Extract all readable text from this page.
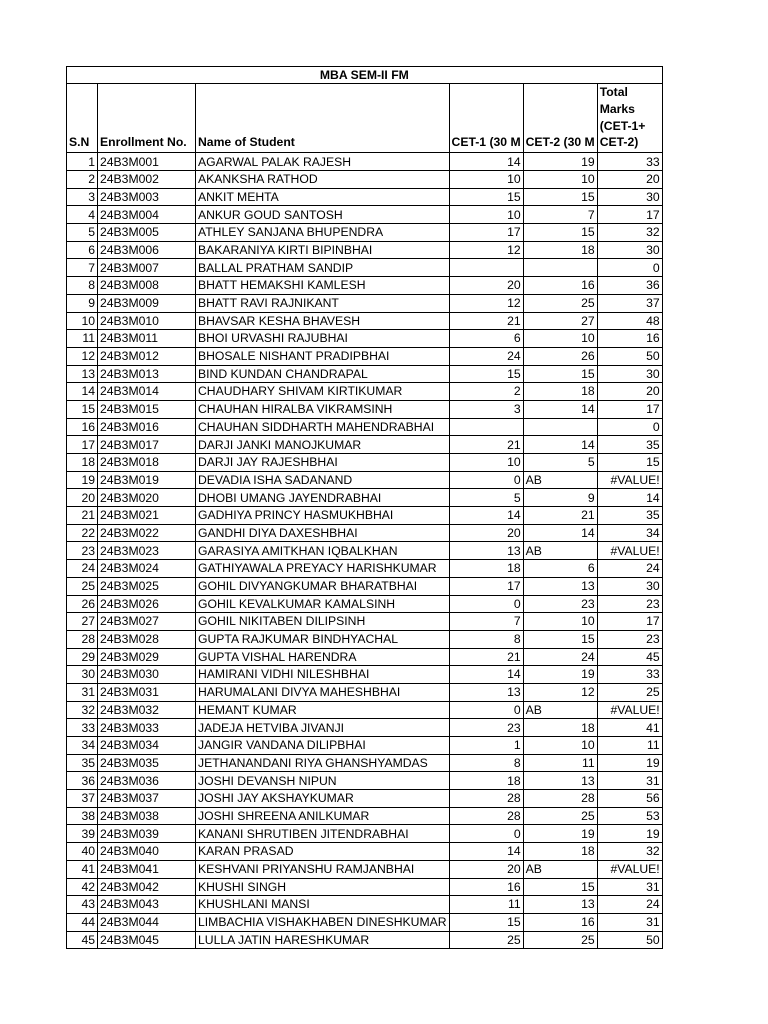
MBA SEM-II FM					
S.N	Enrollment No.	Name of Student	CET-1 (30 M	CET-2 (30 M	Total Marks (CET-1+ CET-2)
1	24B3M001	AGARWAL PALAK RAJESH	14	19	33
2	24B3M002	AKANKSHA RATHOD	10	10	20
3	24B3M003	ANKIT MEHTA	15	15	30
4	24B3M004	ANKUR GOUD SANTOSH	10	7	17
5	24B3M005	ATHLEY SANJANA BHUPENDRA	17	15	32
6	24B3M006	BAKARANIYA KIRTI BIPINBHAI	12	18	30
7	24B3M007	BALLAL PRATHAM SANDIP			0
8	24B3M008	BHATT HEMAKSHI KAMLESH	20	16	36
9	24B3M009	BHATT RAVI RAJNIKANT	12	25	37
10	24B3M010	BHAVSAR KESHA BHAVESH	21	27	48
11	24B3M011	BHOI URVASHI RAJUBHAI	6	10	16
12	24B3M012	BHOSALE NISHANT PRADIPBHAI	24	26	50
13	24B3M013	BIND KUNDAN CHANDRAPAL	15	15	30
14	24B3M014	CHAUDHARY SHIVAM KIRTIKUMAR	2	18	20
15	24B3M015	CHAUHAN HIRALBA VIKRAMSINH	3	14	17
16	24B3M016	CHAUHAN SIDDHARTH MAHENDRABHAI			0
17	24B3M017	DARJI JANKI MANOJKUMAR	21	14	35
18	24B3M018	DARJI JAY RAJESHBHAI	10	5	15
19	24B3M019	DEVADIA ISHA SADANAND	0	AB	#VALUE!
20	24B3M020	DHOBI UMANG JAYENDRABHAI	5	9	14
21	24B3M021	GADHIYA PRINCY HASMUKHBHAI	14	21	35
22	24B3M022	GANDHI DIYA DAXESHBHAI	20	14	34
23	24B3M023	GARASIYA AMITKHAN IQBALKHAN	13	AB	#VALUE!
24	24B3M024	GATHIYAWALA PREYACY HARISHKUMAR	18	6	24
25	24B3M025	GOHIL DIVYANGKUMAR BHARATBHAI	17	13	30
26	24B3M026	GOHIL KEVALKUMAR KAMALSINH	0	23	23
27	24B3M027	GOHIL NIKITABEN DILIPSINH	7	10	17
28	24B3M028	GUPTA RAJKUMAR BINDHYACHAL	8	15	23
29	24B3M029	GUPTA VISHAL HARENDRA	21	24	45
30	24B3M030	HAMIRANI VIDHI NILESHBHAI	14	19	33
31	24B3M031	HARUMALANI DIVYA MAHESHBHAI	13	12	25
32	24B3M032	HEMANT KUMAR	0	AB	#VALUE!
33	24B3M033	JADEJA HETVIBA JIVANJI	23	18	41
34	24B3M034	JANGIR VANDANA DILIPBHAI	1	10	11
35	24B3M035	JETHANANDANI RIYA GHANSHYAMDAS	8	11	19
36	24B3M036	JOSHI DEVANSH NIPUN	18	13	31
37	24B3M037	JOSHI JAY AKSHAYKUMAR	28	28	56
38	24B3M038	JOSHI SHREENA ANILKUMAR	28	25	53
39	24B3M039	KANANI SHRUTIBEN JITENDRABHAI	0	19	19
40	24B3M040	KARAN PRASAD	14	18	32
41	24B3M041	KESHVANI PRIYANSHU RAMJANBHAI	20	AB	#VALUE!
42	24B3M042	KHUSHI SINGH	16	15	31
43	24B3M043	KHUSHLANI MANSI	11	13	24
44	24B3M044	LIMBACHIA VISHAKHABEN DINESHKUMAR	15	16	31
45	24B3M045	LULLA JATIN HARESHKUMAR	25	25	50
